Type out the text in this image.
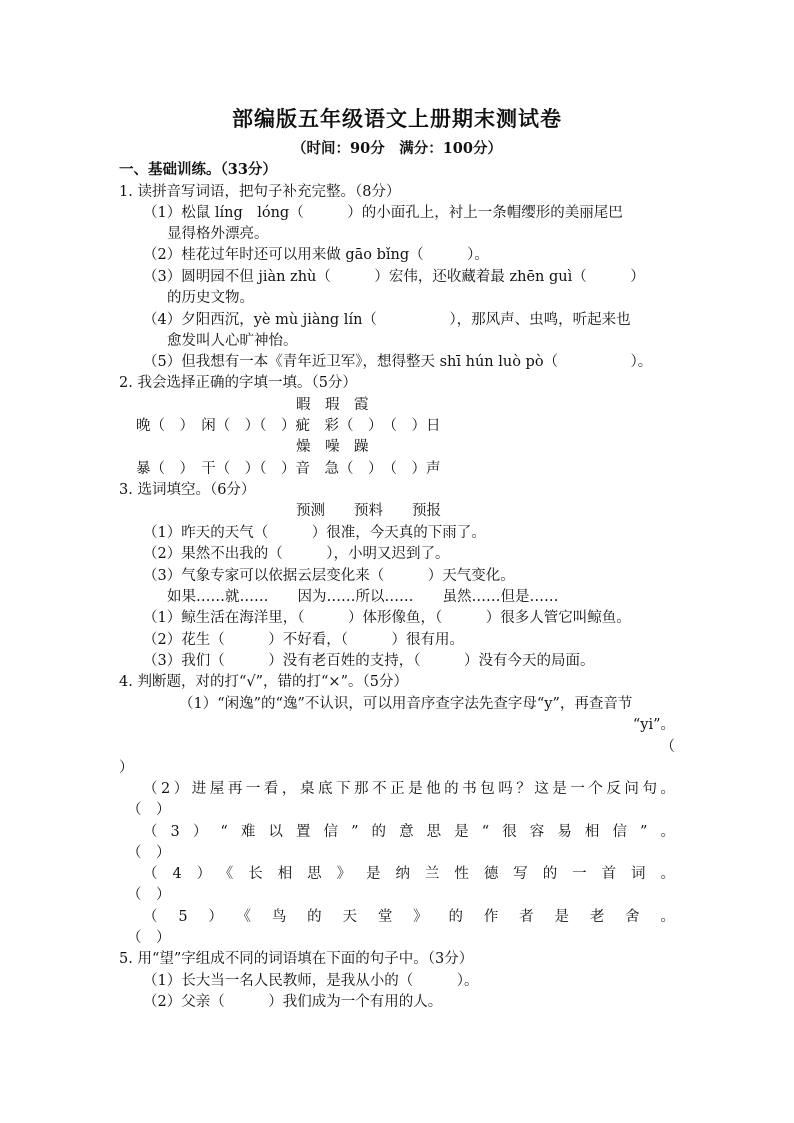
部编版五年级语文上册期末测试卷
（时间：90分　满分：100分）
一、基础训练。（33分）
1. 读拼音写词语，把句子补充完整。（8分）
（1）松鼠 líng　lóng（　　　）的小面孔上，衬上一条帽缨形的美丽尾巴
显得格外漂亮。
（2）桂花过年时还可以用来做 gāo bǐng（　　　）。
（3）圆明园不但 jiàn zhù（　　　）宏伟，还收藏着最 zhēn guì（　　　）
的历史文物。
（4）夕阳西沉，yè mù jiàng lín（　　　　　），那风声、虫鸣，听起来也
愈发叫人心旷神怡。
（5）但我想有一本《青年近卫军》，想得整天 shī hún luò pò（　　　　　）。
2. 我会选择正确的字填一填。（5分）
暇　瑕　霞
晚（　）　闲（　）（　）疵　彩（　）　（　）日
燥　噪　躁
暴（　）　干（　）（　）音　急（　）　（　）声
3. 选词填空。（6分）
预测　　预料　　预报
（1）昨天的天气（　　　）很准，今天真的下雨了。
（2）果然不出我的（　　　），小明又迟到了。
（3）气象专家可以依据云层变化来（　　　）天气变化。
如果……就……　　因为……所以……　　虽然……但是……
（1）鲸生活在海洋里，（　　　）体形像鱼，（　　　）很多人管它叫鲸鱼。
（2）花生（　　　）不好看，（　　　）很有用。
（3）我们（　　　）没有老百姓的支持，（　　　）没有今天的局面。
4. 判断题，对的打“√”，错的打“×”。（5分）
（1）“闲逸”的“逸”不认识，可以用音序查字法先查字母“y”，再查音节
“yi”。
（
）
（2）进屋再一看，桌底下那不正是他的书包吗？这是一个反问句。
（　）
（3）“难以置信”的意思是“很容易相信”。
（　）
（4）《长相思》是纳兰性德写的一首词。
（　）
（5）《鸟的天堂》的作者是老舍。
（　）
5. 用“望”字组成不同的词语填在下面的句子中。（3分）
（1）长大当一名人民教师，是我从小的（　　　）。
（2）父亲（　　　）我们成为一个有用的人。
